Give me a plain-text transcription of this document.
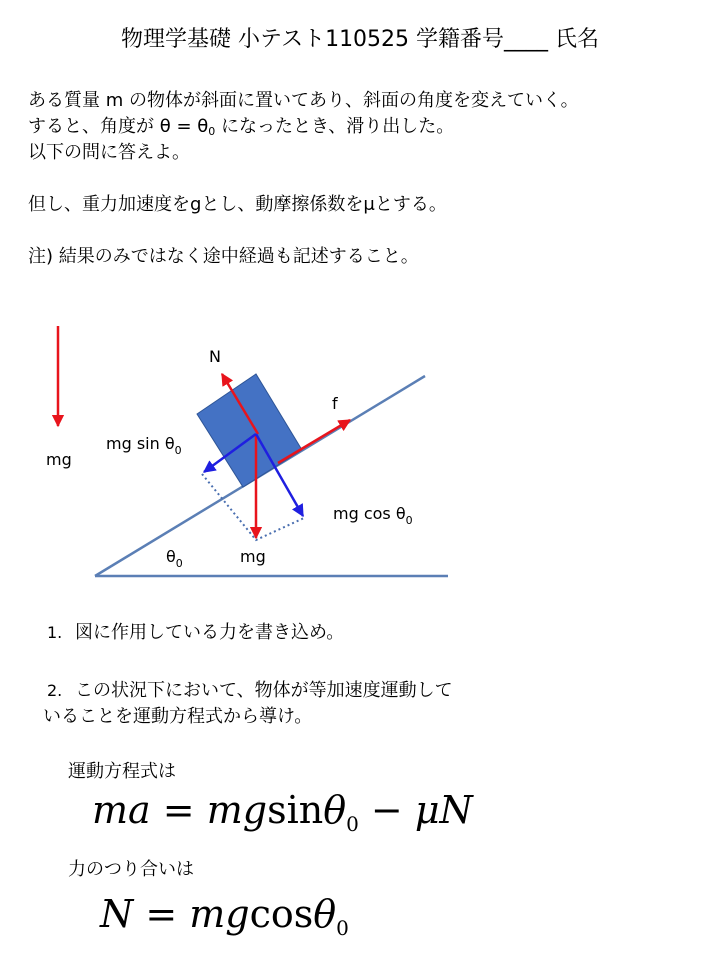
物理学基礎 小テスト110525 学籍番号____ 氏名
ある質量 m の物体が斜面に置いてあり、斜面の角度を変えていく。
すると、角度が $\theta = \theta_0$ になったとき、滑り出した。
以下の問に答えよ。
但し、重力加速度をgとし、動摩擦係数をμとする。
注) 結果のみではなく途中経過も記述すること。
N
f
mg
mg $\sin \theta_0$
mg $\cos \theta_0$
$\theta_0$	mg
1. 図に作用している力を書き込め。
2. この状況下において、物体が等加速度運動して
いることを運動方程式から導け。
運動方程式は
ma = mgsinθ$_0$ − μN
力のつり合いは
N = mgcosθ$_0$
